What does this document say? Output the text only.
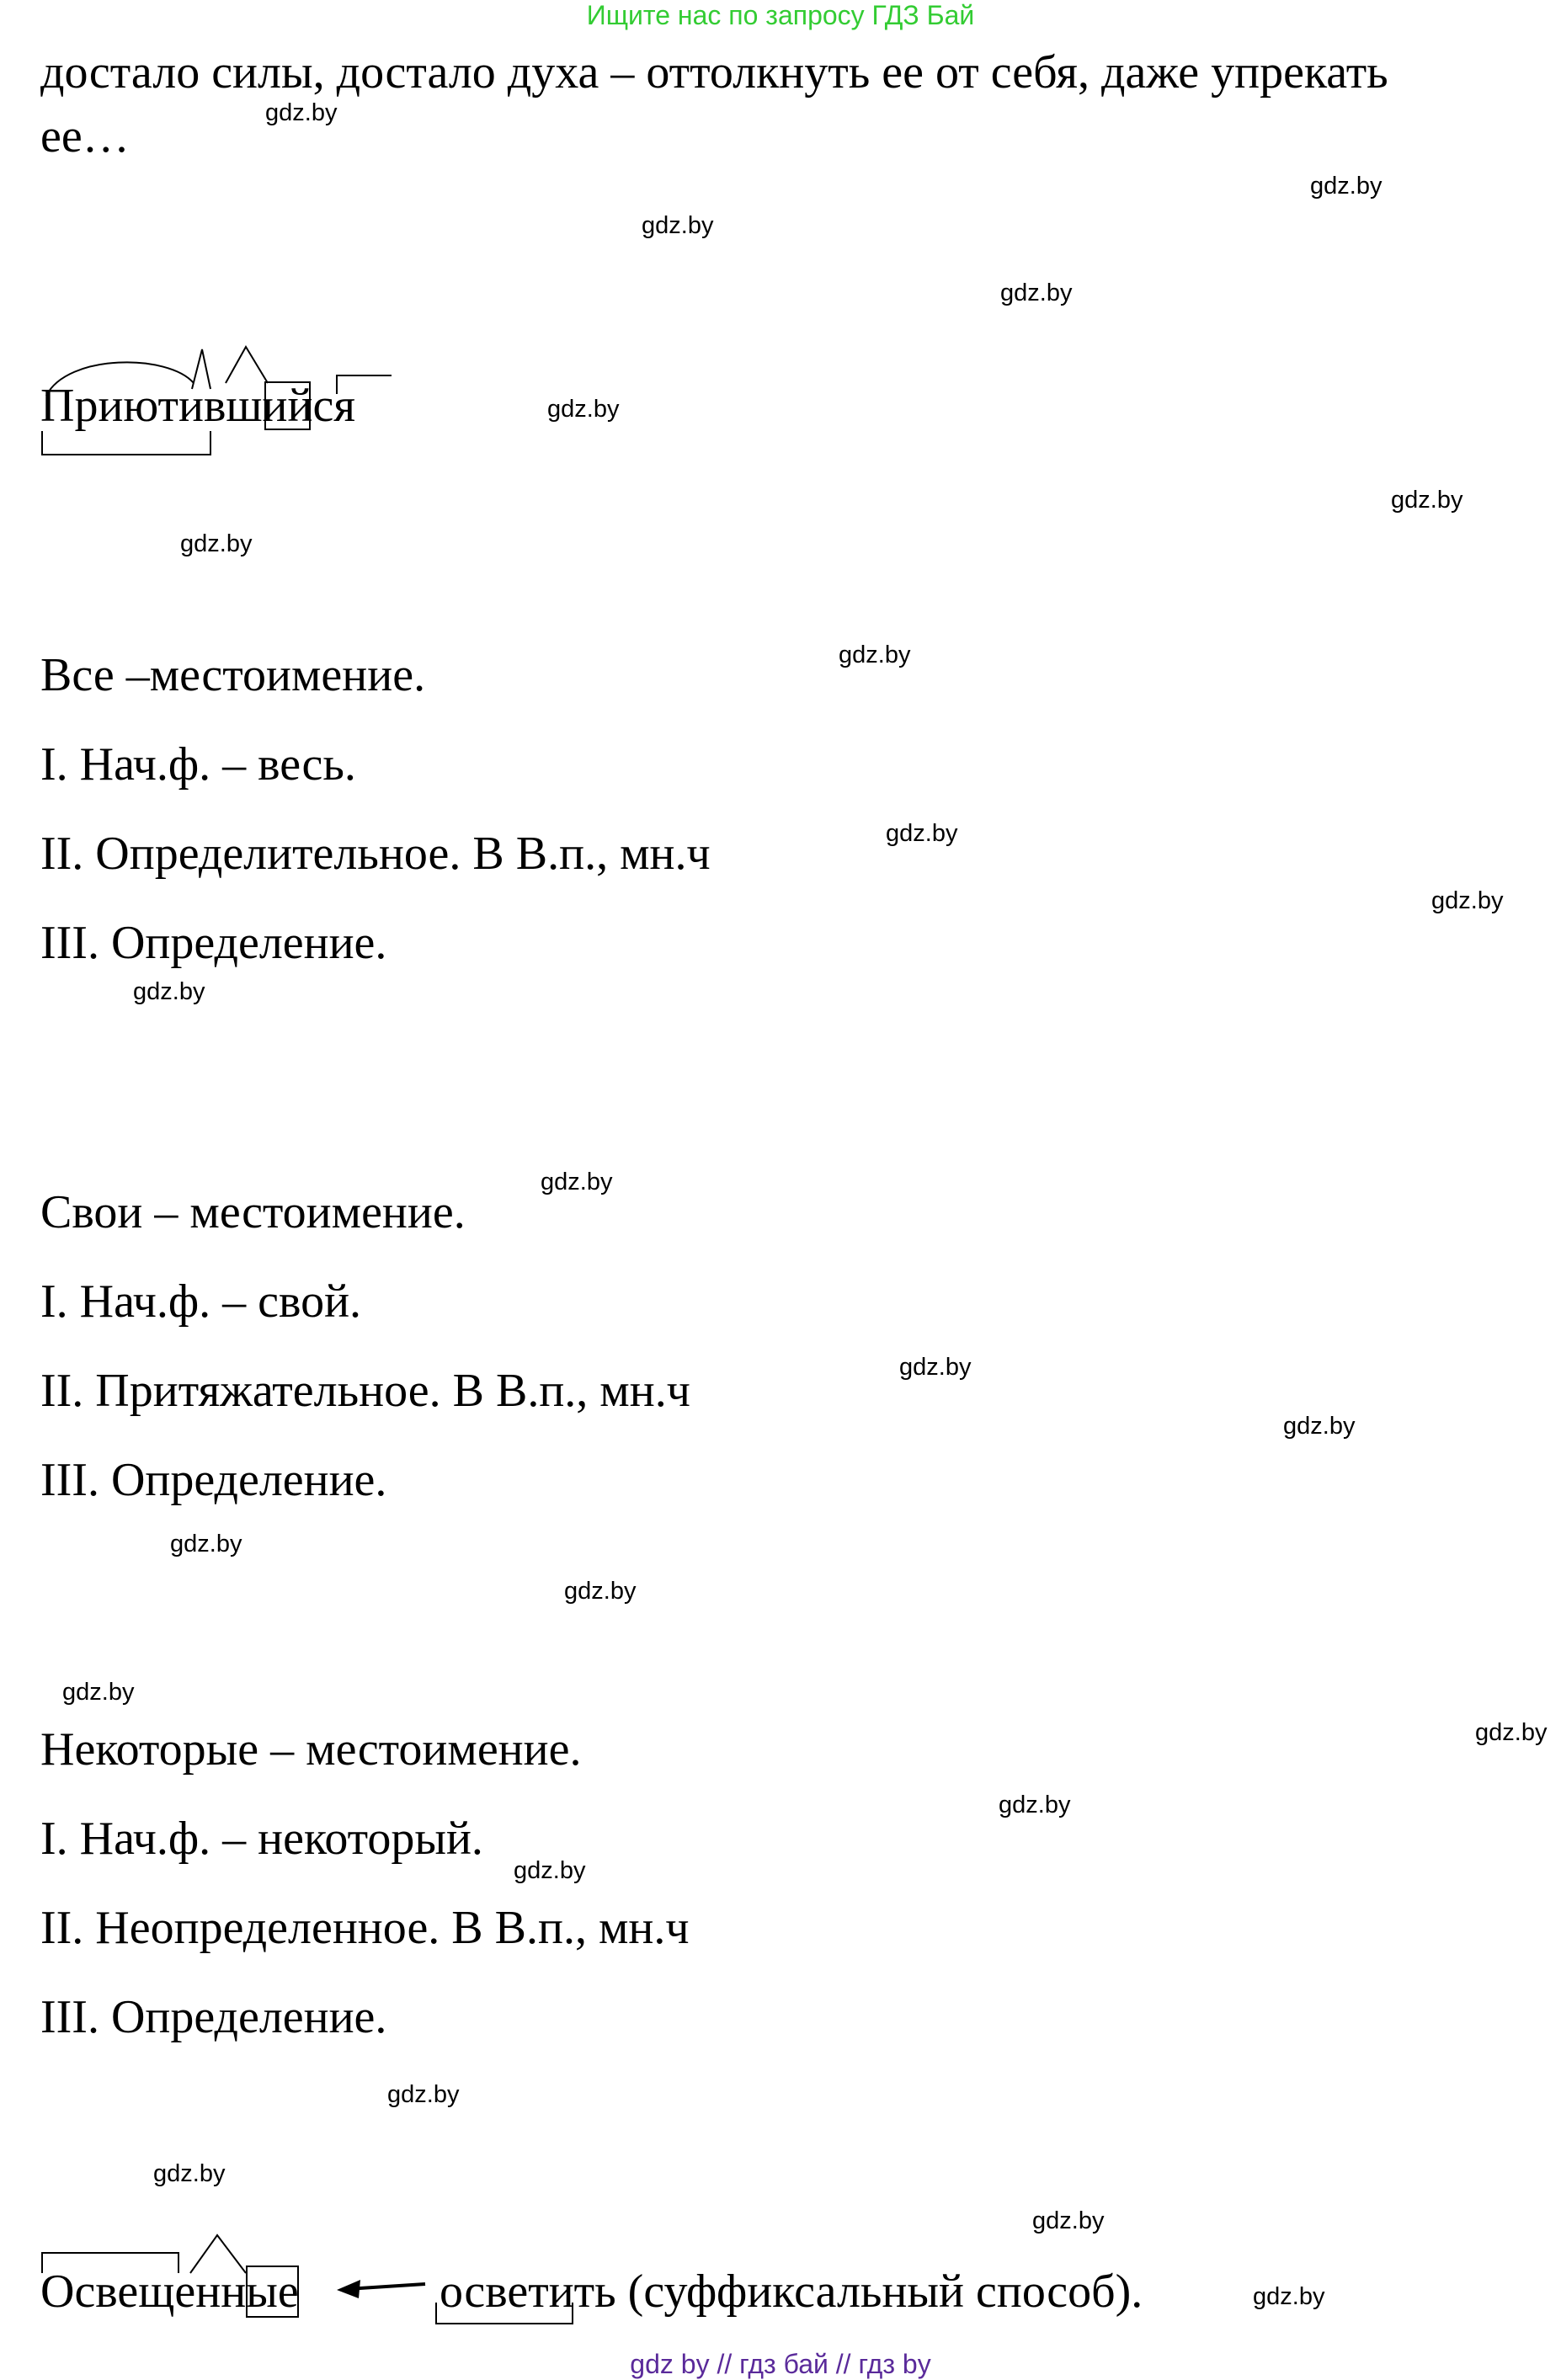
Ищите нас по запросу ГДЗ Бай
достало силы, достало духа – оттолкнуть ее от себя, даже упрекать
ее…
Приютившийся
Все –местоимение.
I. Нач.ф. – весь.
II. Определительное. В В.п., мн.ч
III. Определение.
Свои – местоимение.
I. Нач.ф. – свой.
II. Притяжательное. В В.п., мн.ч
III. Определение.
Некоторые – местоимение.
I. Нач.ф. – некоторый.
II. Неопределенное. В В.п., мн.ч
III. Определение.
Освещенные	осветить (суффиксальный способ).
gdz.by
gdz.by
gdz.by
gdz.by
gdz.by
gdz.by
gdz.by
gdz.by
gdz.by
gdz.by
gdz.by
gdz.by
gdz.by
gdz.by
gdz.by
gdz.by
gdz.by
gdz.by
gdz.by
gdz.by
gdz.by
gdz.by
gdz.by
gdz.by
gdz by // гдз бай // гдз by
